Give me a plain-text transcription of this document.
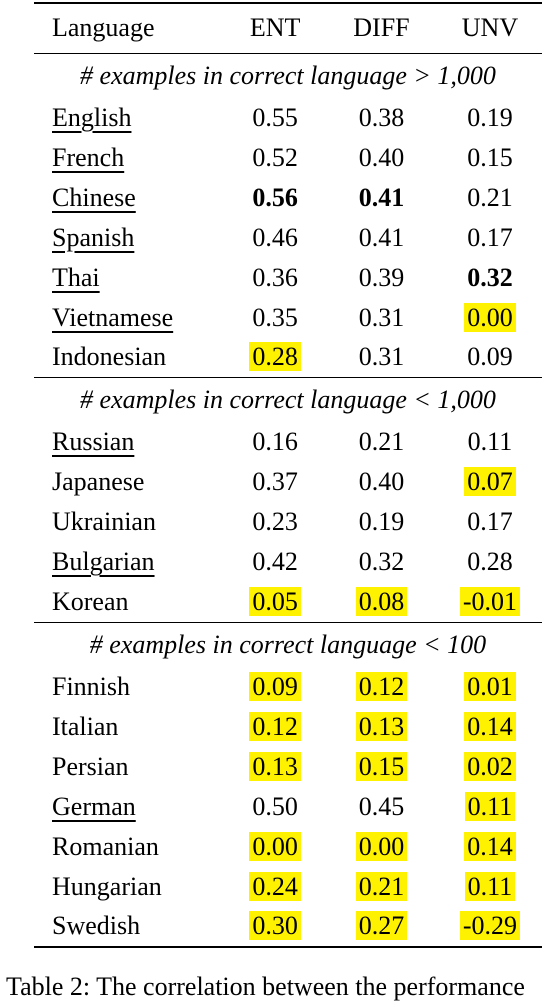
Language	ENT	DIFF	UNV
# examples in correct language > 1,000			
English	0.55	0.38	0.19
French	0.52	0.40	0.15
Chinese	0.56	0.41	0.21
Spanish	0.46	0.41	0.17
Thai	0.36	0.39	0.32
Vietnamese	0.35	0.31	0.00
Indonesian	0.28	0.31	0.09
# examples in correct language < 1,000			
Russian	0.16	0.21	0.11
Japanese	0.37	0.40	0.07
Ukrainian	0.23	0.19	0.17
Bulgarian	0.42	0.32	0.28
Korean	0.05	0.08	-0.01
# examples in correct language < 100			
Finnish	0.09	0.12	0.01
Italian	0.12	0.13	0.14
Persian	0.13	0.15	0.02
German	0.50	0.45	0.11
Romanian	0.00	0.00	0.14
Hungarian	0.24	0.21	0.11
Swedish	0.30	0.27	-0.29
Table 2: The correlation between the performance
